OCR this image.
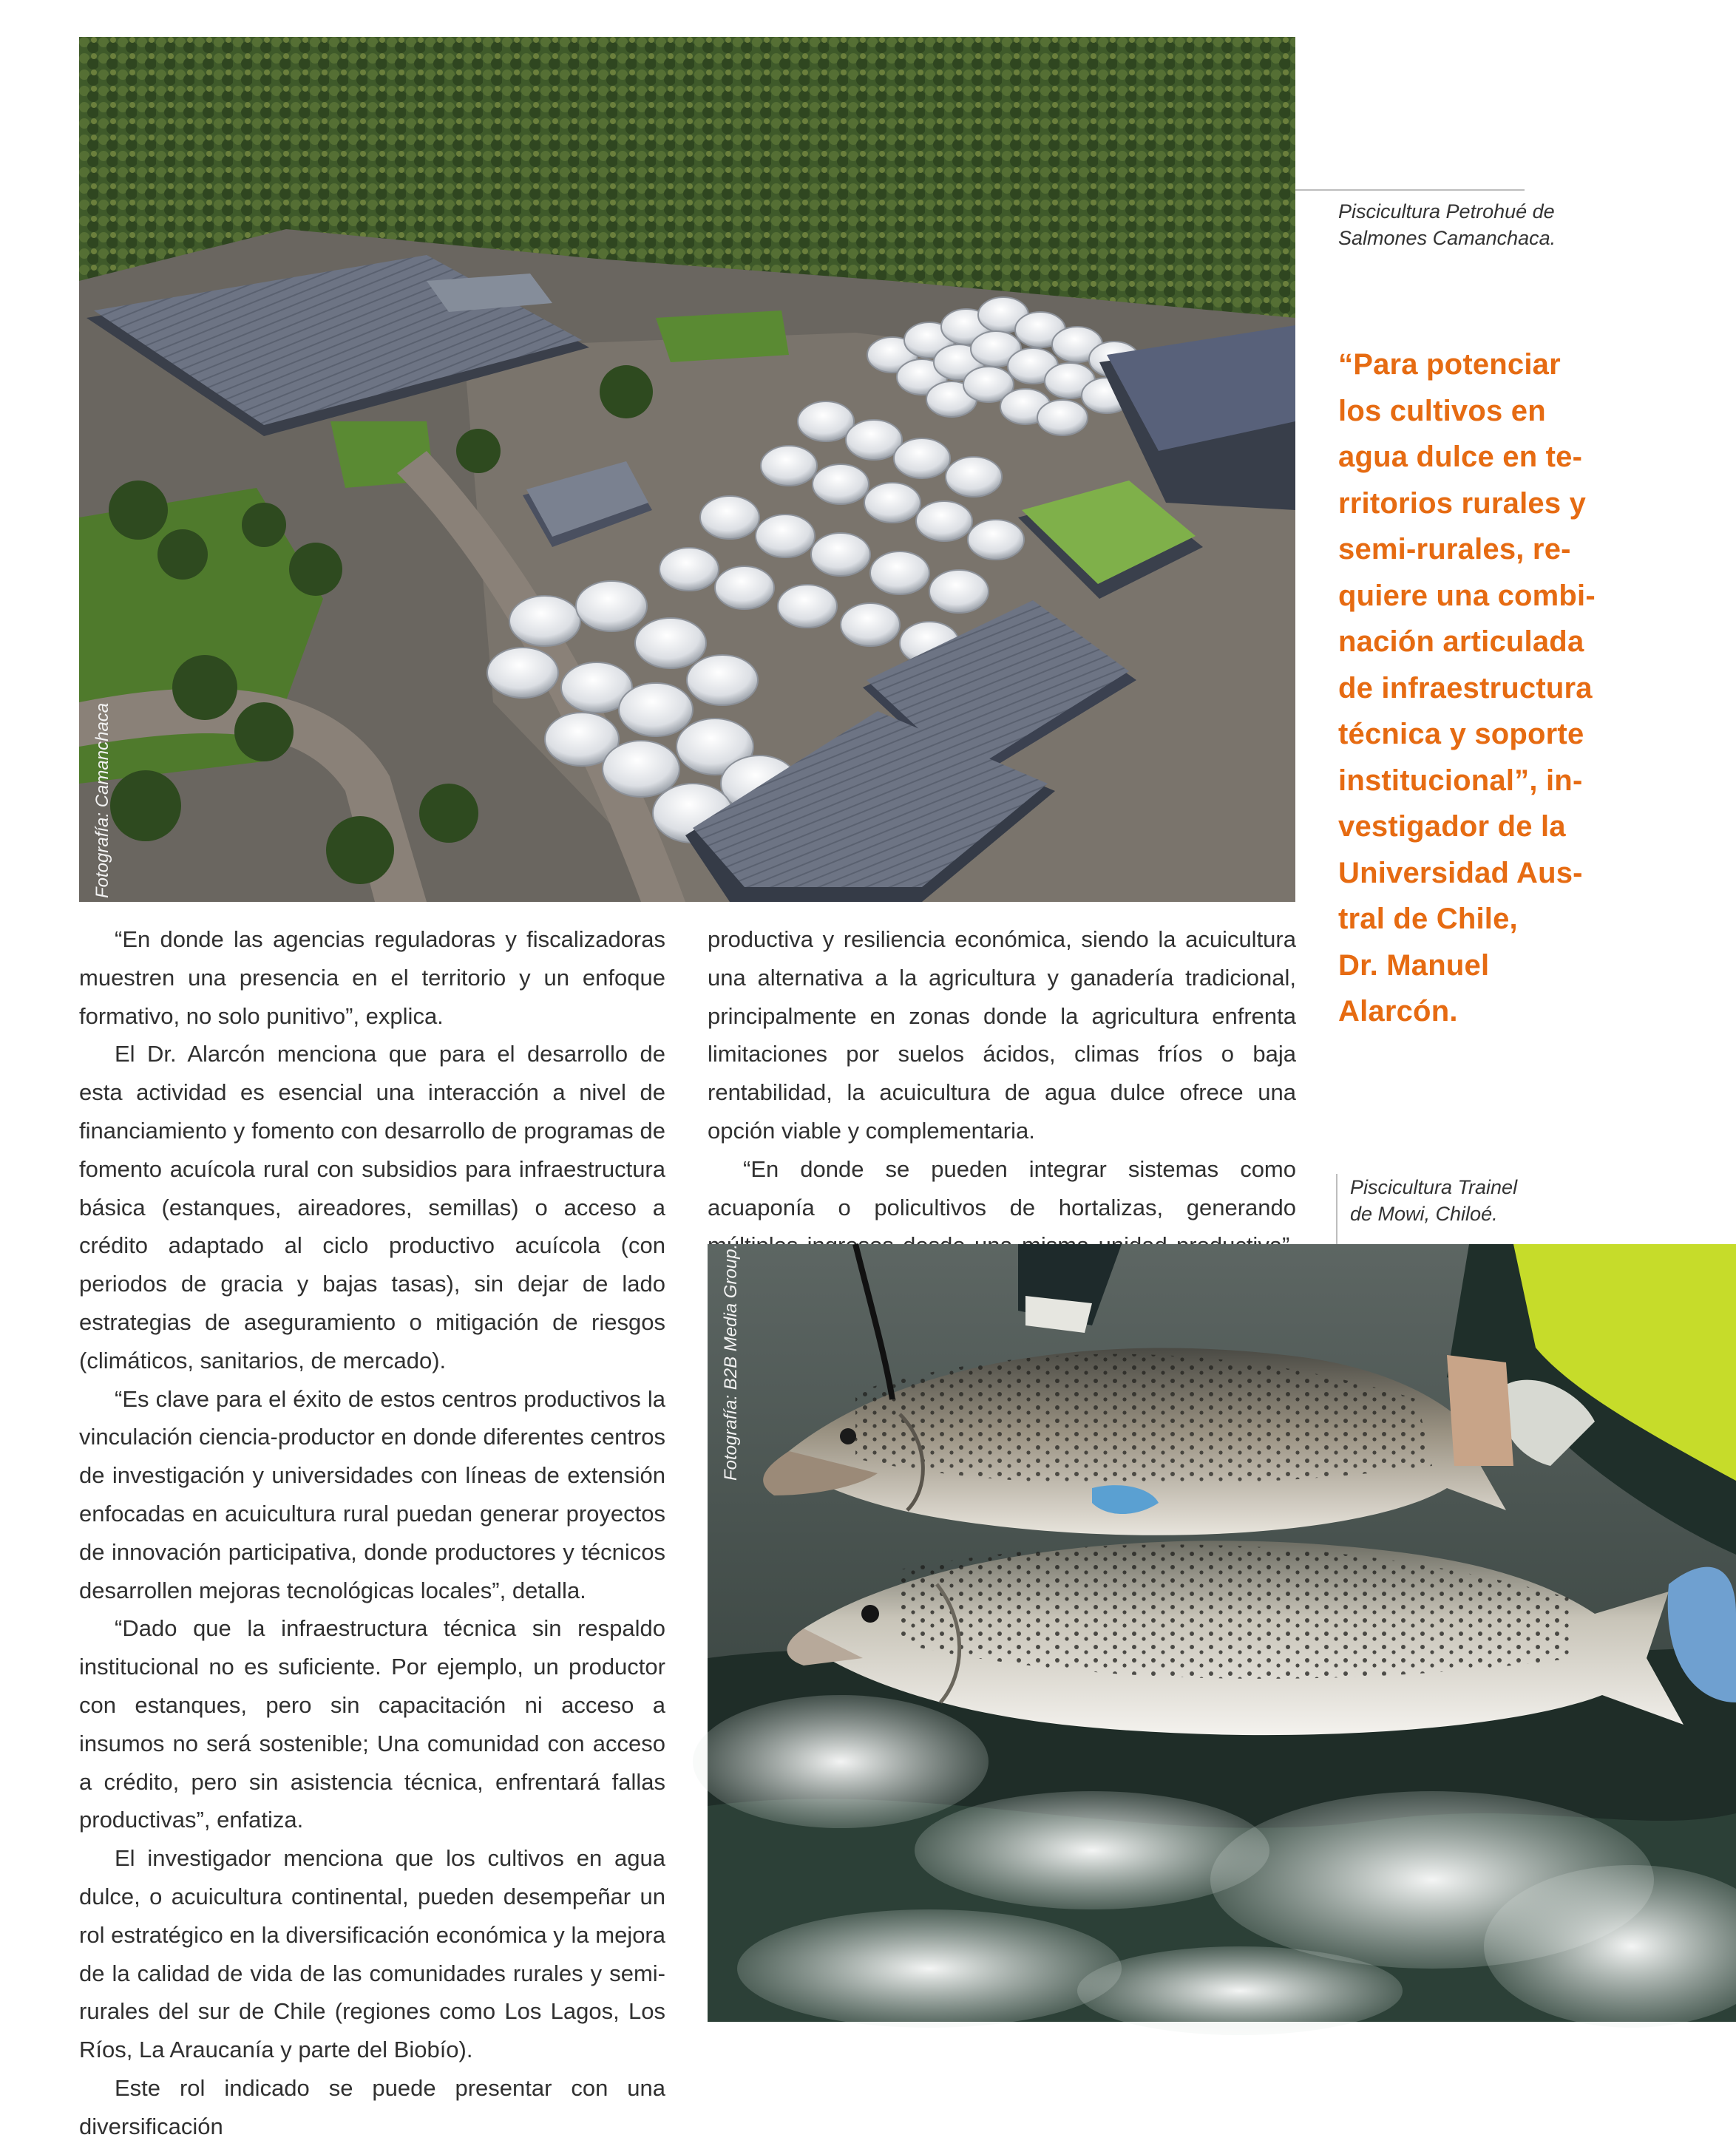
Fotografía: Camanchaca
Piscicultura Petrohué de
Salmones Camanchaca.
“Para potenciar
los cultivos en
agua dulce en te-
rritorios rurales y
semi-rurales, re-
quiere una combi-
nación articulada
de infraestructura
técnica y soporte
institucional”, in-
vestigador de la
Universidad Aus-
tral de Chile,
Dr. Manuel
Alarcón.

“En donde las agencias reguladoras y fiscalizadoras muestren una presencia en el territorio y un enfoque formativo, no solo punitivo”, explica.

El Dr. Alarcón menciona que para el desarrollo de esta actividad es esencial una interacción a nivel de financiamiento y fomento con desarrollo de programas de fomento acuícola rural con subsidios para infraestructura básica (estanques, aireadores, semillas) o acceso a crédito adaptado al ciclo productivo acuícola (con periodos de gracia y bajas tasas), sin dejar de lado estrategias de aseguramiento o mitigación de riesgos (climáticos, sanitarios, de mercado).

“Es clave para el éxito de estos centros productivos la vinculación ciencia-productor en donde diferentes centros de investigación y universidades con líneas de extensión enfocadas en acuicultura rural puedan generar proyectos de innovación participativa, donde productores y técnicos desarrollen mejoras tecnológicas locales”, detalla.

“Dado que la infraestructura técnica sin respaldo institucional no es suficiente. Por ejemplo, un productor con estanques, pero sin capacitación ni acceso a insumos no será sostenible; Una comunidad con acceso a crédito, pero sin asistencia técnica, enfrentará fallas productivas”, enfatiza.

El investigador menciona que los cultivos en agua dulce, o acuicultura continental, pueden desempeñar un rol estratégico en la diversificación económica y la mejora de la calidad de vida de las comunidades rurales y semi-rurales del sur de Chile (regiones como Los Lagos, Los Ríos, La Araucanía y parte del Biobío).

Este rol indicado se puede presentar con una diversificación

productiva y resiliencia económica, siendo la acuicultura una alternativa a la agricultura y ganadería tradicional, principalmente en zonas donde la agricultura enfrenta limitaciones por suelos ácidos, climas fríos o baja rentabilidad, la acuicultura de agua dulce ofrece una opción viable y complementaria.

“En donde se pueden integrar sistemas como acuaponía o policultivos de hortalizas, generando

Piscicultura Trainel
de Mowi, Chiloé.
Fotografía: B2B Media Group.
